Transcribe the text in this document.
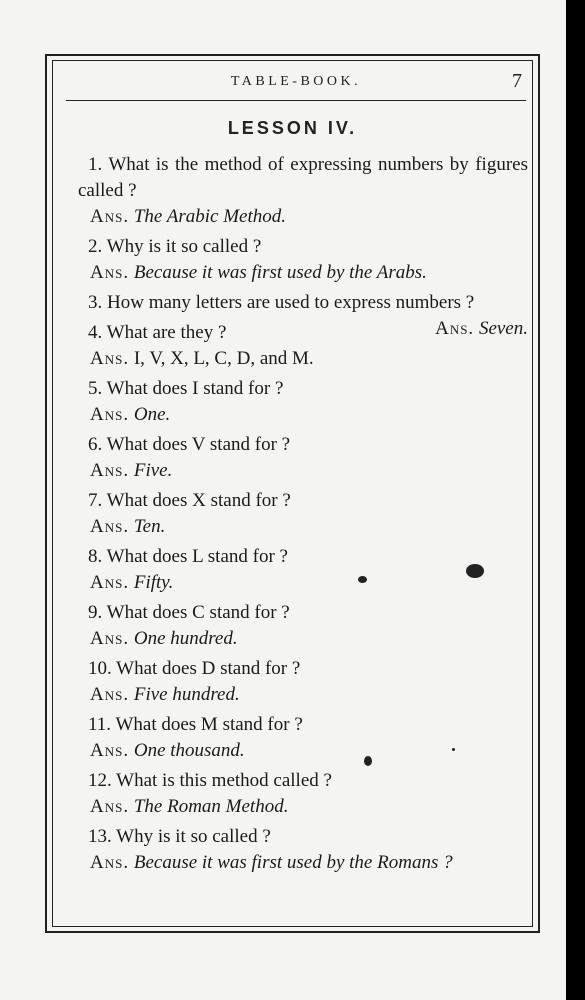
TABLE-BOOK.	7
LESSON IV.
1. What is the method of expressing numbers by figures called ?
Ans. The Arabic Method.
2. Why is it so called ?
Ans. Because it was first used by the Arabs.
3. How many letters are used to express numbers ?
Ans. Seven.
4. What are they ?
Ans. I, V, X, L, C, D, and M.
5. What does I stand for ?
Ans. One.
6. What does V stand for ?
Ans. Five.
7. What does X stand for ?
Ans. Ten.
8. What does L stand for ?
Ans. Fifty.
9. What does C stand for ?
Ans. One hundred.
10. What does D stand for ?
Ans. Five hundred.
11. What does M stand for ?
Ans. One thousand.
12. What is this method called ?
Ans. The Roman Method.
13. Why is it so called ?
Ans. Because it was first used by the Romans ?
